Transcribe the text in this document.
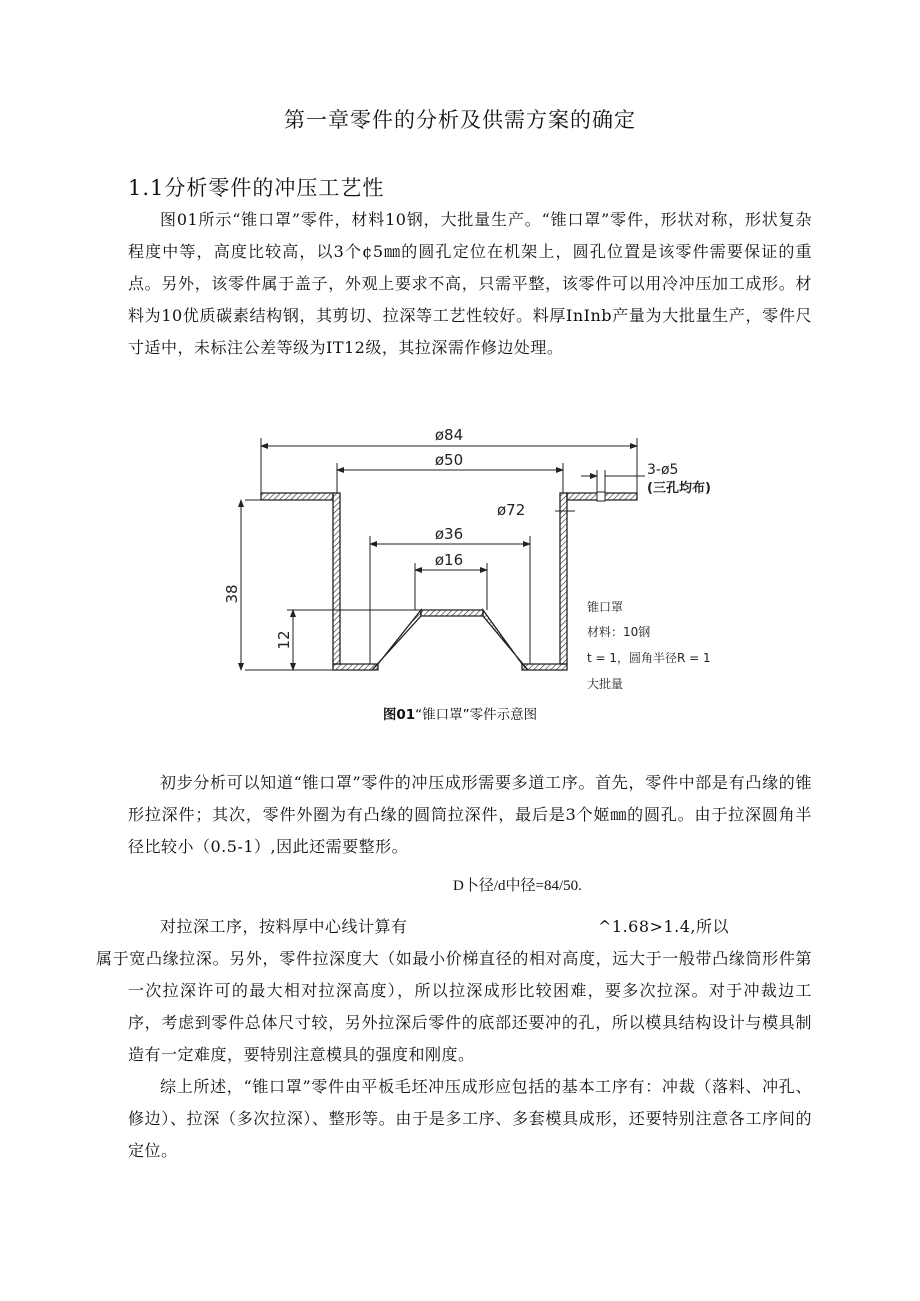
第一章零件的分析及供需方案的确定
1.1分析零件的冲压工艺性

图01所示“锥口罩”零件，材料10钢，大批量生产。“锥口罩”零件，形状对称，形状复杂程度中等，高度比较高，以3个¢5㎜的圆孔定位在机架上，圆孔位置是该零件需要保证的重点。另外，该零件属于盖子，外观上要求不高，只需平整，该零件可以用冷冲压加工成形。材料为10优质碳素结构钢，其剪切、拉深等工艺性较好。料厚InInb产量为大批量生产，零件尺寸适中，未标注公差等级为IT12级，其拉深需作修边处理。

ø84
ø50
3-ø5
(三孔均布)
ø72
ø36
ø16
38
12
锥口罩
材料：10钢
t = 1，圆角半径R = 1
大批量
图01“锥口罩”零件示意图

初步分析可以知道“锥口罩”零件的冲压成形需要多道工序。首先，零件中部是有凸缘的锥形拉深件；其次，零件外圈为有凸缘的圆筒拉深件，最后是3个姬㎜的圆孔。由于拉深圆角半径比较小（0.5-1）,因此还需要整形。

D卜径/d中径=84/50.
对拉深工序，按料厚中心线计算有	^1.68>1.4,所以
属于宽凸缘拉深。另外，零件拉深度大（如最小价梯直径的相对高度，远大于一般带凸缘筒形件第一次拉深许可的最大相对拉深高度），所以拉深成形比较困难，要多次拉深。对于冲裁边工序，考虑到零件总体尺寸较，另外拉深后零件的底部还要冲的孔，所以模具结构设计与模具制造有一定难度，要特别注意模具的强度和刚度。

综上所述，“锥口罩”零件由平板毛坯冲压成形应包括的基本工序有：冲裁（落料、冲孔、修边）、拉深（多次拉深）、整形等。由于是多工序、多套模具成形，还要特别注意各工序间的定位。
